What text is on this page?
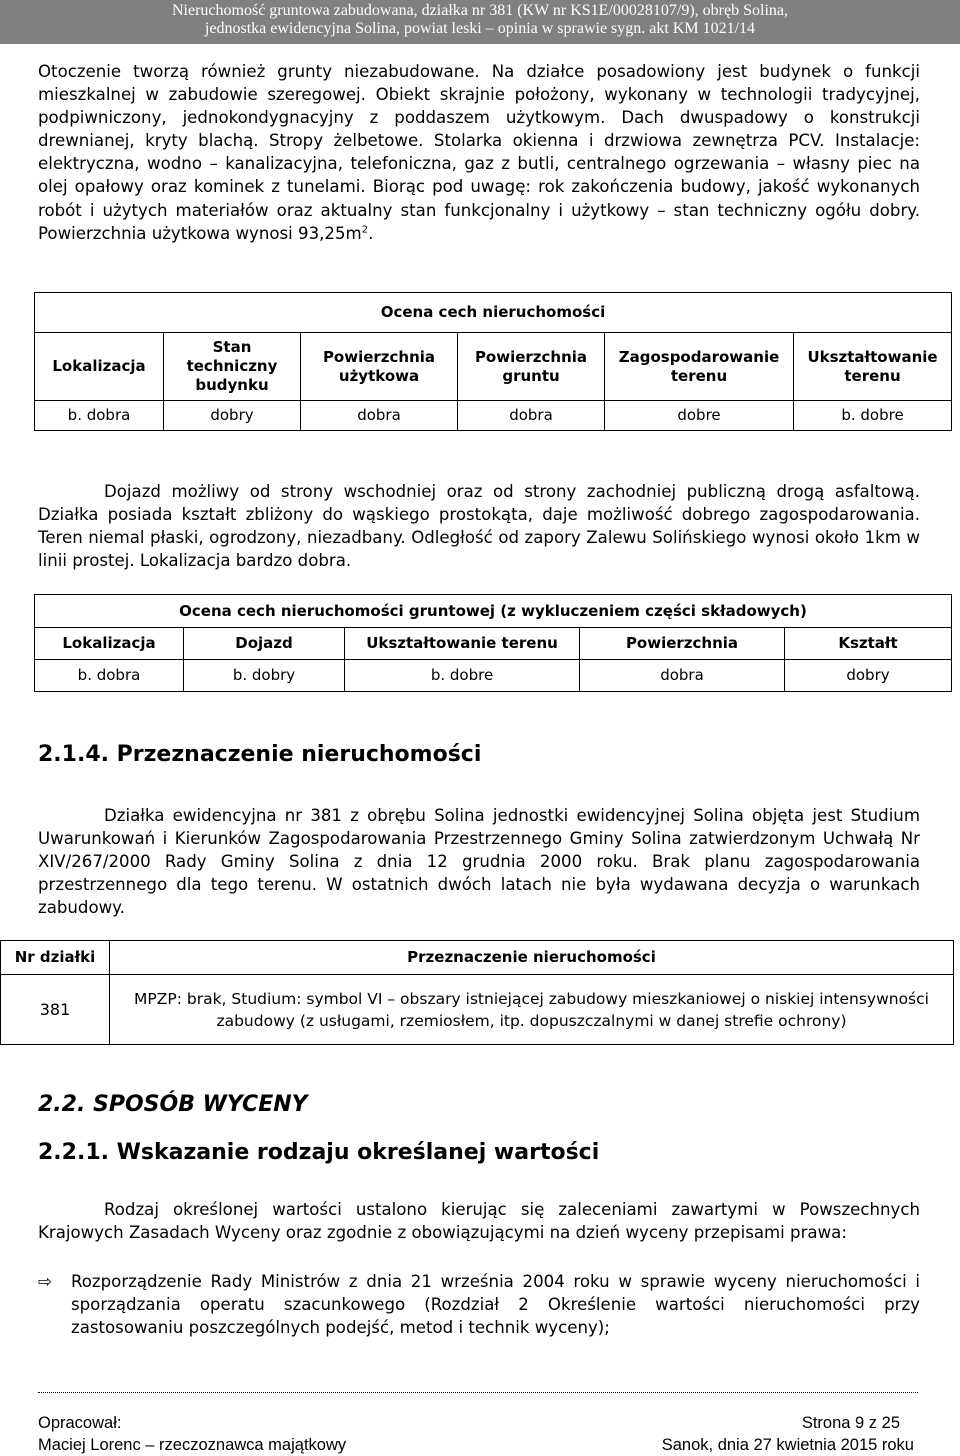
Nieruchomość gruntowa zabudowana, działka nr 381 (KW nr KS1E/00028107/9), obręb Solina,
jednostka ewidencyjna Solina, powiat leski – opinia w sprawie sygn. akt KM 1021/14

Otoczenie tworzą również grunty niezabudowane. Na działce posadowiony jest budynek o funkcji mieszkalnej w zabudowie szeregowej. Obiekt skrajnie położony, wykonany w technologii tradycyjnej, podpiwniczony, jednokondygnacyjny z poddaszem użytkowym. Dach dwuspadowy o konstrukcji drewnianej, kryty blachą. Stropy żelbetowe. Stolarka okienna i drzwiowa zewnętrza PCV. Instalacje: elektryczna, wodno – kanalizacyjna, telefoniczna, gaz z butli, centralnego ogrzewania – własny piec na olej opałowy oraz kominek z tunelami. Biorąc pod uwagę: rok zakończenia budowy, jakość wykonanych robót i użytych materiałów oraz aktualny stan funkcjonalny i użytkowy – stan techniczny ogółu dobry. Powierzchnia użytkowa wynosi $93,25m^2$.

Ocena cech nieruchomości					
Lokalizacja	Stan techniczny budynku	Powierzchnia użytkowa	Powierzchnia gruntu	Zagospodarowanie terenu	Ukształtowanie terenu
b. dobra	dobry	dobra	dobra	dobre	b. dobre

Dojazd możliwy od strony wschodniej oraz od strony zachodniej publiczną drogą asfaltową. Działka posiada kształt zbliżony do wąskiego prostokąta, daje możliwość dobrego zagospodarowania. Teren niemal płaski, ogrodzony, niezadbany. Odległość od zapory Zalewu Solińskiego wynosi około 1km w linii prostej. Lokalizacja bardzo dobra.

Ocena cech nieruchomości gruntowej (z wykluczeniem części składowych)				
Lokalizacja	Dojazd	Ukształtowanie terenu	Powierzchnia	Kształt
b. dobra	b. dobry	b. dobre	dobra	dobry
2.1.4. Przeznaczenie nieruchomości

Działka ewidencyjna nr 381 z obrębu Solina jednostki ewidencyjnej Solina objęta jest Studium Uwarunkowań i Kierunków Zagospodarowania Przestrzennego Gminy Solina zatwierdzonym Uchwałą Nr XIV/267/2000 Rady Gminy Solina z dnia 12 grudnia 2000 roku. Brak planu zagospodarowania przestrzennego dla tego terenu. W ostatnich dwóch latach nie była wydawana decyzja o warunkach zabudowy.

Nr działki	Przeznaczenie nieruchomości
381	MPZP: brak, Studium: symbol VI – obszary istniejącej zabudowy mieszkaniowej o niskiej intensywności zabudowy (z usługami, rzemiosłem, itp. dopuszczalnymi w danej strefie ochrony)
2.2. SPOSÓB WYCENY
2.2.1. Wskazanie rodzaju określanej wartości

Rodzaj określonej wartości ustalono kierując się zaleceniami zawartymi w Powszechnych Krajowych Zasadach Wyceny oraz zgodnie z obowiązującymi na dzień wyceny przepisami prawa:

⇨	Rozporządzenie Rady Ministrów z dnia 21 września 2004 roku w sprawie wyceny nieruchomości i sporządzania operatu szacunkowego (Rozdział 2 Określenie wartości nieruchomości przy zastosowaniu poszczególnych podejść, metod i technik wyceny);
Opracował:
Maciej Lorenc – rzeczoznawca majątkowy
Strona 9 z 25
Sanok, dnia 27 kwietnia 2015 roku
